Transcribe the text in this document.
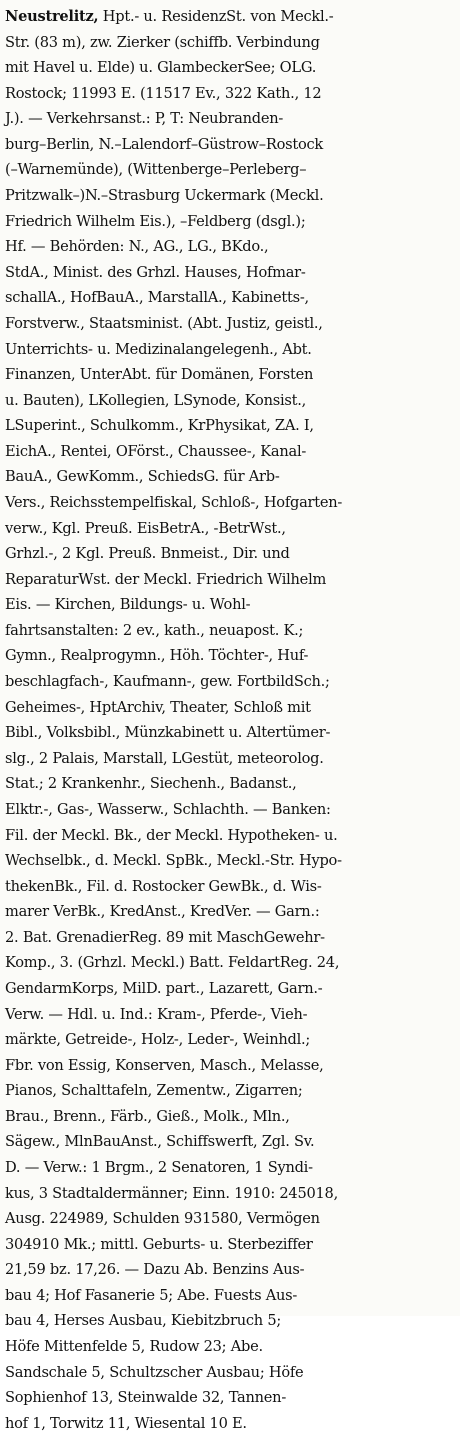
Neustrelitz, Hpt.- u. ResidenzSt. von Meckl.-
Str. (83 m), zw. Zierker (schiffb. Verbindung
mit Havel u. Elde) u. GlambeckerSee; OLG.
Rostock; 11993 E. (11517 Ev., 322 Kath., 12
J.). — Verkehrsanst.: P, T: Neubranden-
burg–Berlin, N.–Lalendorf–Güstrow–Rostock
(–Warnemünde), (Wittenberge–Perleberg–
Pritzwalk–)N.–Strasburg Uckermark (Meckl.
Friedrich Wilhelm Eis.), –Feldberg (dsgl.);
Hf. — Behörden: N., AG., LG., BKdo.,
StdA., Minist. des Grhzl. Hauses, Hofmar-
schallA., HofBauA., MarstallA., Kabinetts-,
Forstverw., Staatsminist. (Abt. Justiz, geistl.,
Unterrichts- u. Medizinalangelegenh., Abt.
Finanzen, UnterAbt. für Domänen, Forsten
u. Bauten), LKollegien, LSynode, Konsist.,
LSuperint., Schulkomm., KrPhysikat, ZA. I,
EichA., Rentei, OFörst., Chaussee-, Kanal-
BauA., GewKomm., SchiedsG. für Arb-
Vers., Reichsstempelfiskal, Schloß-, Hofgarten-
verw., Kgl. Preuß. EisBetrA., -BetrWst.,
Grhzl.-, 2 Kgl. Preuß. Bnmeist., Dir. und
ReparaturWst. der Meckl. Friedrich Wilhelm
Eis. — Kirchen, Bildungs- u. Wohl-
fahrtsanstalten: 2 ev., kath., neuapost. K.;
Gymn., Realprogymn., Höh. Töchter-, Huf-
beschlagfach-, Kaufmann-, gew. FortbildSch.;
Geheimes-, HptArchiv, Theater, Schloß mit
Bibl., Volksbibl., Münzkabinett u. Altertümer-
slg., 2 Palais, Marstall, LGestüt, meteorolog.
Stat.; 2 Krankenhr., Siechenh., Badanst.,
Elktr.-, Gas-, Wasserw., Schlachth. — Banken:
Fil. der Meckl. Bk., der Meckl. Hypotheken- u.
Wechselbk., d. Meckl. SpBk., Meckl.-Str. Hypo-
thekenBk., Fil. d. Rostocker GewBk., d. Wis-
marer VerBk., KredAnst., KredVer. — Garn.:
2. Bat. GrenadierReg. 89 mit MaschGewehr-
Komp., 3. (Grhzl. Meckl.) Batt. FeldartReg. 24,
GendarmKorps, MilD. part., Lazarett, Garn.-
Verw. — Hdl. u. Ind.: Kram-, Pferde-, Vieh-
märkte, Getreide-, Holz-, Leder-, Weinhdl.;
Fbr. von Essig, Konserven, Masch., Melasse,
Pianos, Schalttafeln, Zementw., Zigarren;
Brau., Brenn., Färb., Gieß., Molk., Mln.,
Sägew., MlnBauAnst., Schiffswerft, Zgl. Sv.
D. — Verw.: 1 Brgm., 2 Senatoren, 1 Syndi-
kus, 3 Stadtaldermänner; Einn. 1910: 245018,
Ausg. 224989, Schulden 931580, Vermögen
304910 Mk.; mittl. Geburts- u. Sterbeziffer
21,59 bz. 17,26. — Dazu Ab. Benzins Aus-
bau 4; Hof Fasanerie 5; Abe. Fuests Aus-
bau 4, Herses Ausbau, Kiebitzbruch 5;
Höfe Mittenfelde 5, Rudow 23; Abe.
Sandschale 5, Schultzscher Ausbau; Höfe
Sophienhof 13, Steinwalde 32, Tannen-
hof 1, Torwitz 11, Wiesental 10 E.
